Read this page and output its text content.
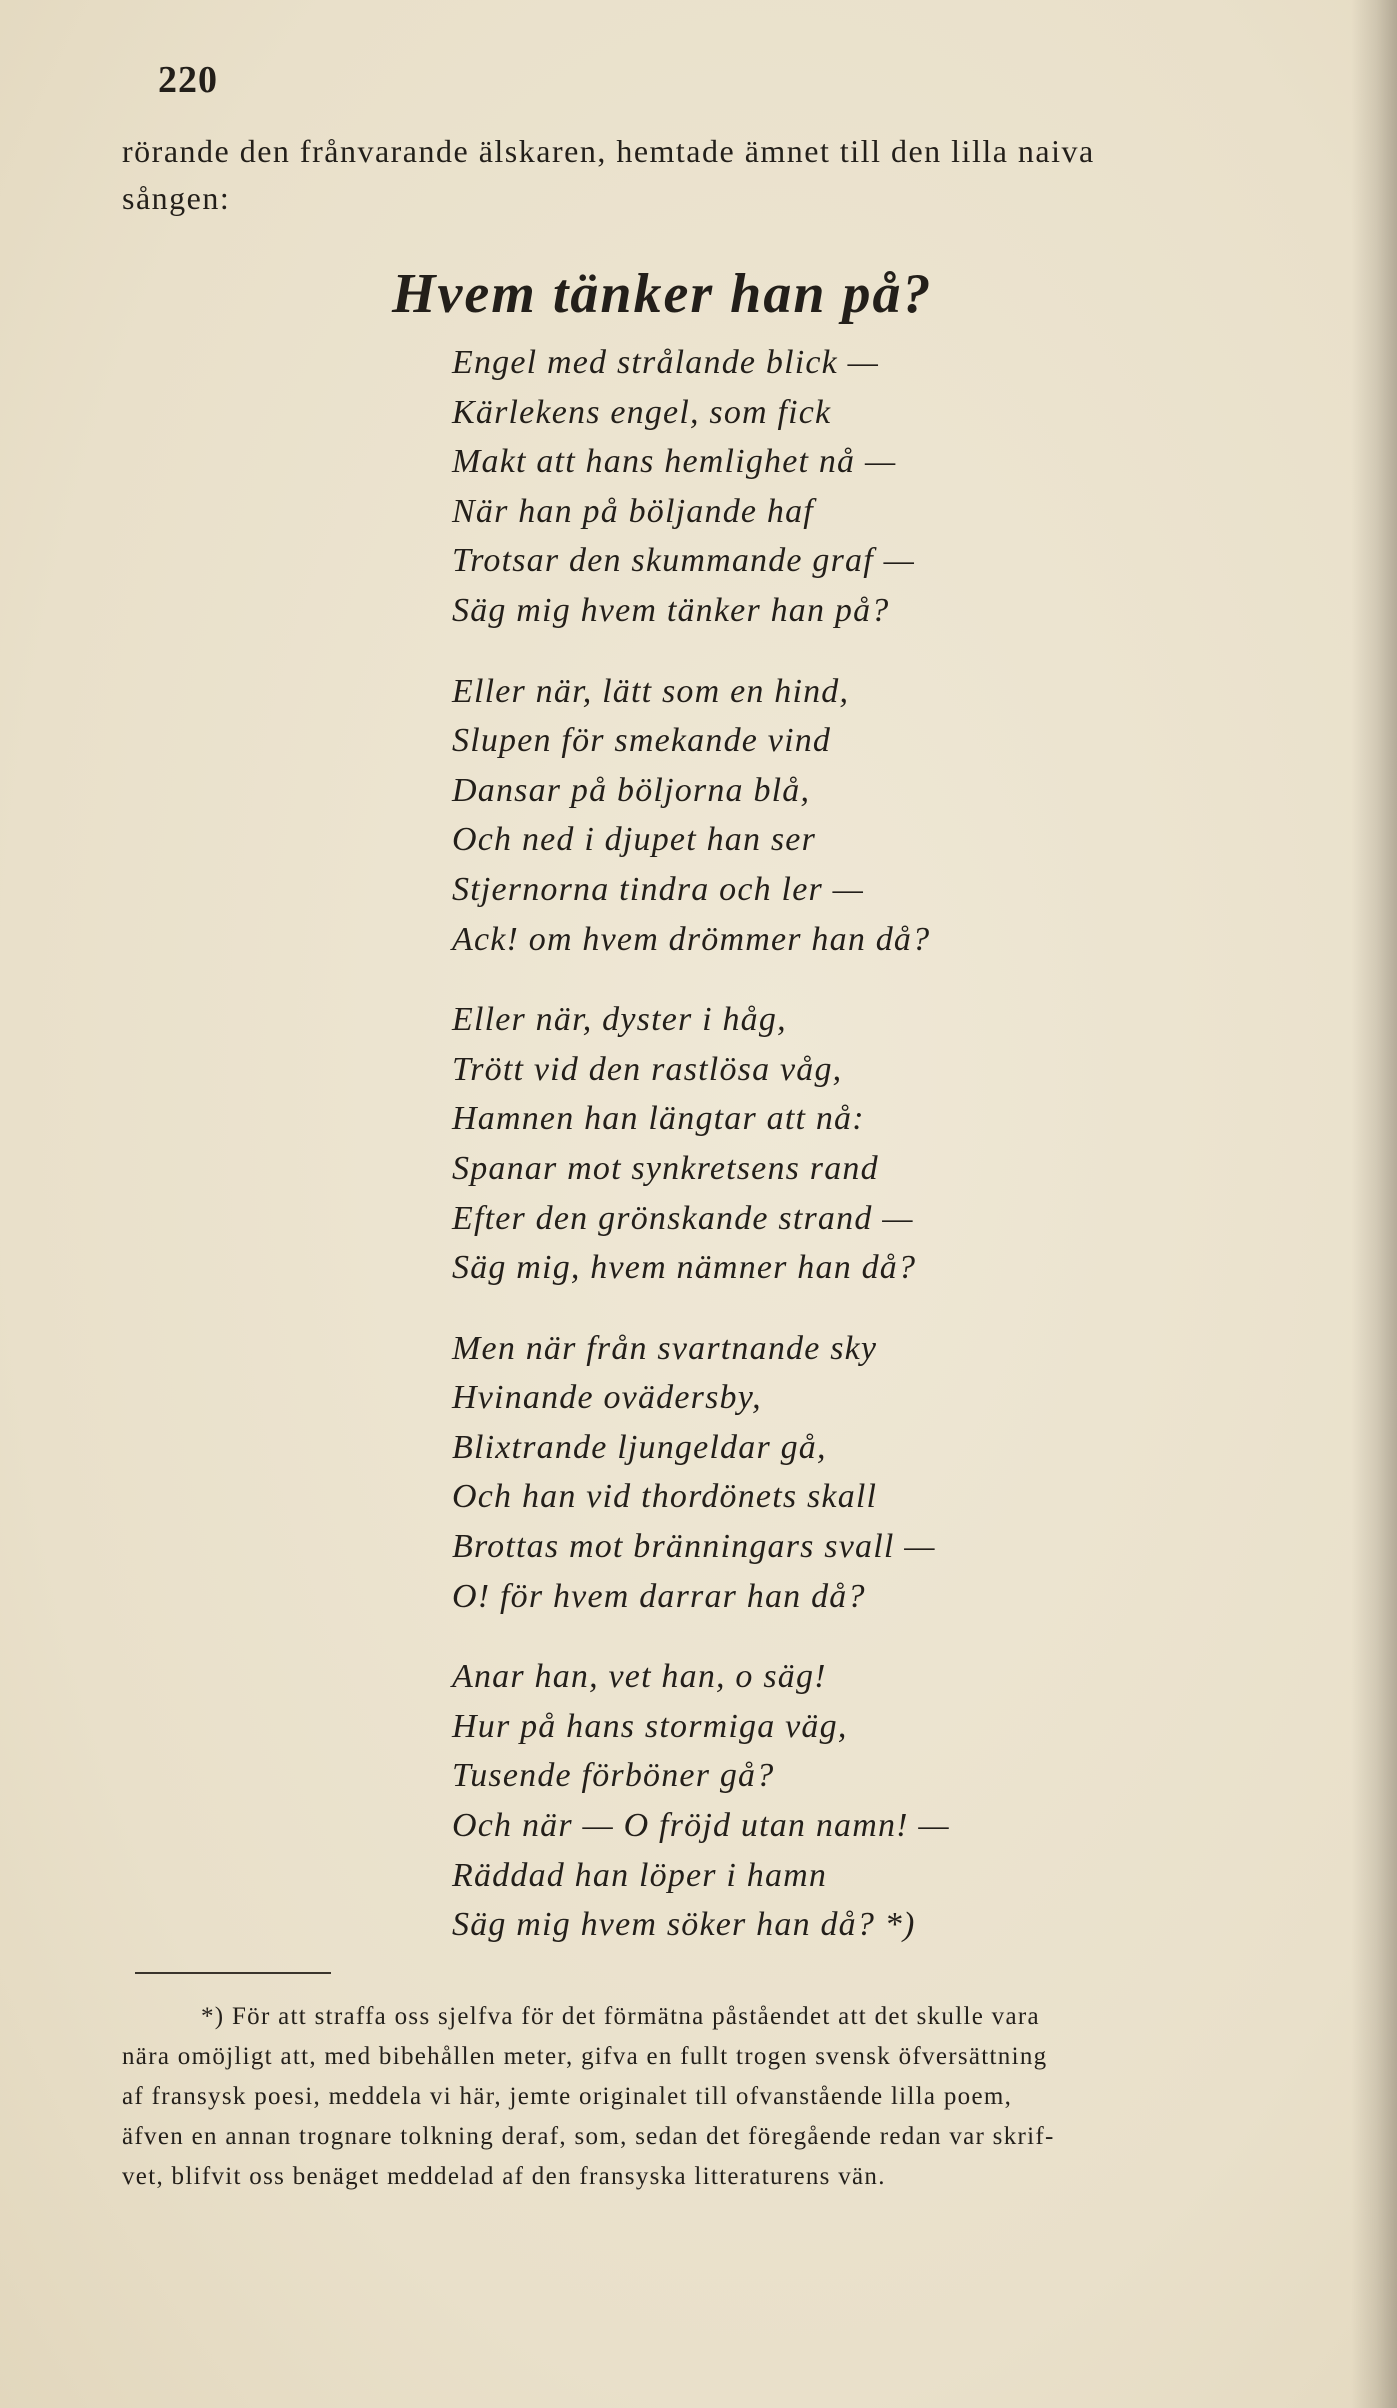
220
rörande den frånvarande älskaren, hemtade ämnet till den lilla naiva
sången:
Hvem tänker han på?
Engel med strålande blick —
Kärlekens engel, som fick
Makt att hans hemlighet nå —
När han på böljande haf
Trotsar den skummande graf —
Säg mig hvem tänker han på?
Eller när, lätt som en hind,
Slupen för smekande vind
Dansar på böljorna blå,
Och ned i djupet han ser
Stjernorna tindra och ler —
Ack! om hvem drömmer han då?
Eller när, dyster i håg,
Trött vid den rastlösa våg,
Hamnen han längtar att nå:
Spanar mot synkretsens rand
Efter den grönskande strand —
Säg mig, hvem nämner han då?
Men när från svartnande sky
Hvinande ovädersby,
Blixtrande ljungeldar gå,
Och han vid thordönets skall
Brottas mot bränningars svall —
O! för hvem darrar han då?
Anar han, vet han, o säg!
Hur på hans stormiga väg,
Tusende förböner gå?
Och när — O fröjd utan namn! —
Räddad han löper i hamn
Säg mig hvem söker han då? *)
*) För att straffa oss sjelfva för det förmätna påståendet att det skulle vara
nära omöjligt att, med bibehållen meter, gifva en fullt trogen svensk öfversättning
af fransysk poesi, meddela vi här, jemte originalet till ofvanstående lilla poem,
äfven en annan trognare tolkning deraf, som, sedan det föregående redan var skrif-
vet, blifvit oss benäget meddelad af den fransyska litteraturens vän.
